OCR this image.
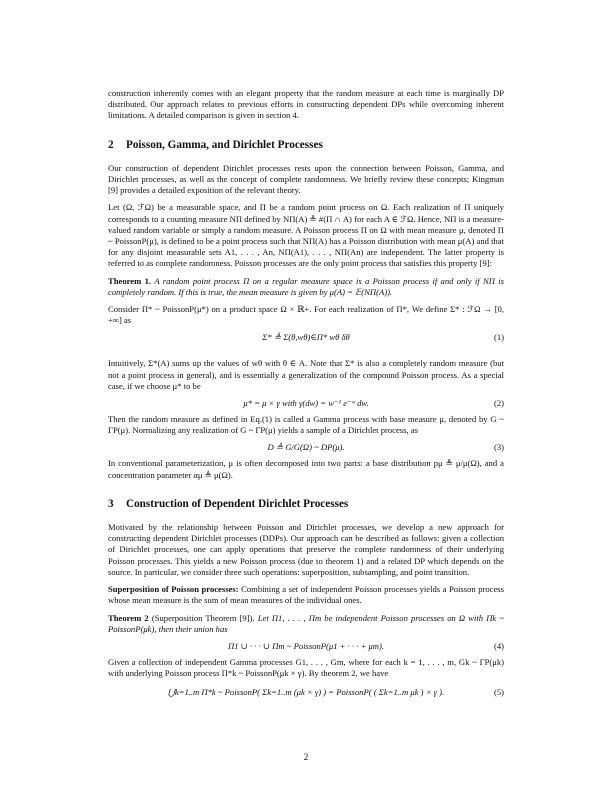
construction inherently comes with an elegant property that the random measure at each time is marginally DP distributed. Our approach relates to previous efforts in constructing dependent DPs while overcoming inherent limitations. A detailed comparison is given in section 4.

2 Poisson, Gamma, and Dirichlet Processes

Our construction of dependent Dirichlet processes rests upon the connection between Poisson, Gamma, and Dirichlet processes, as well as the concept of complete randomness. We briefly review these concepts; Kingman [9] provides a detailed exposition of the relevant theory.

Let (Ω, ℱΩ) be a measurable space, and Π be a random point process on Ω. Each realization of Π uniquely corresponds to a counting measure NΠ defined by NΠ(A) ≜ #(Π ∩ A) for each A ∈ ℱΩ. Hence, NΠ is a measure-valued random variable or simply a random measure. A Poisson process Π on Ω with mean measure μ, denoted Π ~ PoissonP(μ), is defined to be a point process such that NΠ(A) has a Poisson distribution with mean μ(A) and that for any disjoint measurable sets A1, . . . , An, NΠ(A1), . . . , NΠ(An) are independent. The latter property is referred to as complete randomness. Poisson processes are the only point process that satisfies this property [9]:

Theorem 1. A random point process Π on a regular measure space is a Poisson process if and only if NΠ is completely random. If this is true, the mean measure is given by μ(A) = 𝔼(NΠ(A)).

Consider Π* ~ PoissonP(μ*) on a product space Ω × ℝ+. For each realization of Π*, We define Σ* : ℱΩ → [0, +∞] as

Σ* ≜ Σ(θ,wθ)∈Π* wθ δθ	(1)

Intuitively, Σ*(A) sums up the values of wθ with θ ∈ A. Note that Σ* is also a completely random measure (but not a point process in general), and is essentially a generalization of the compound Poisson process. As a special case, if we choose μ* to be

μ* = μ × γ with γ(dw) = w⁻¹ e⁻ʷ dw.	(2)

Then the random measure as defined in Eq.(1) is called a Gamma process with base measure μ, denoted by G ~ ΓP(μ). Normalizing any realization of G ~ ΓP(μ) yields a sample of a Dirichlet process, as

D ≜ G/G(Ω) ~ DP(μ).	(3)

In conventional parameterization, μ is often decomposed into two parts: a base distribution pμ ≜ μ/μ(Ω), and a concentration parameter αμ ≜ μ(Ω).

3 Construction of Dependent Dirichlet Processes

Motivated by the relationship between Poisson and Dirichlet processes, we develop a new approach for constructing dependent Dirichlet processes (DDPs). Our approach can be described as follows: given a collection of Dirichlet processes, one can apply operations that preserve the complete randomness of their underlying Poisson processes. This yields a new Poisson process (due to theorem 1) and a related DP which depends on the source. In particular, we consider three such operations: superposition, subsampling, and point transition.

Superposition of Poisson processes: Combining a set of independent Poisson processes yields a Poisson process whose mean measure is the sum of mean measures of the individual ones.

Theorem 2 (Superposition Theorem [9]). Let Π1, . . . , Πm be independent Poisson processes on Ω with Πk ~ PoissonP(μk), then their union has

Π1 ∪ · · · ∪ Πm ~ PoissonP(μ1 + · · · + μm).	(4)

Given a collection of independent Gamma processes G1, . . . , Gm, where for each k = 1, . . . , m, Gk ~ ΓP(μk) with underlying Poisson process Π*k ~ PoissonP(μk × γ). By theorem 2, we have

⋃k=1..m Π*k ~ PoissonP( Σk=1..m (μk × γ) ) = PoissonP( ( Σk=1..m μk ) × γ ).	(5)
2
